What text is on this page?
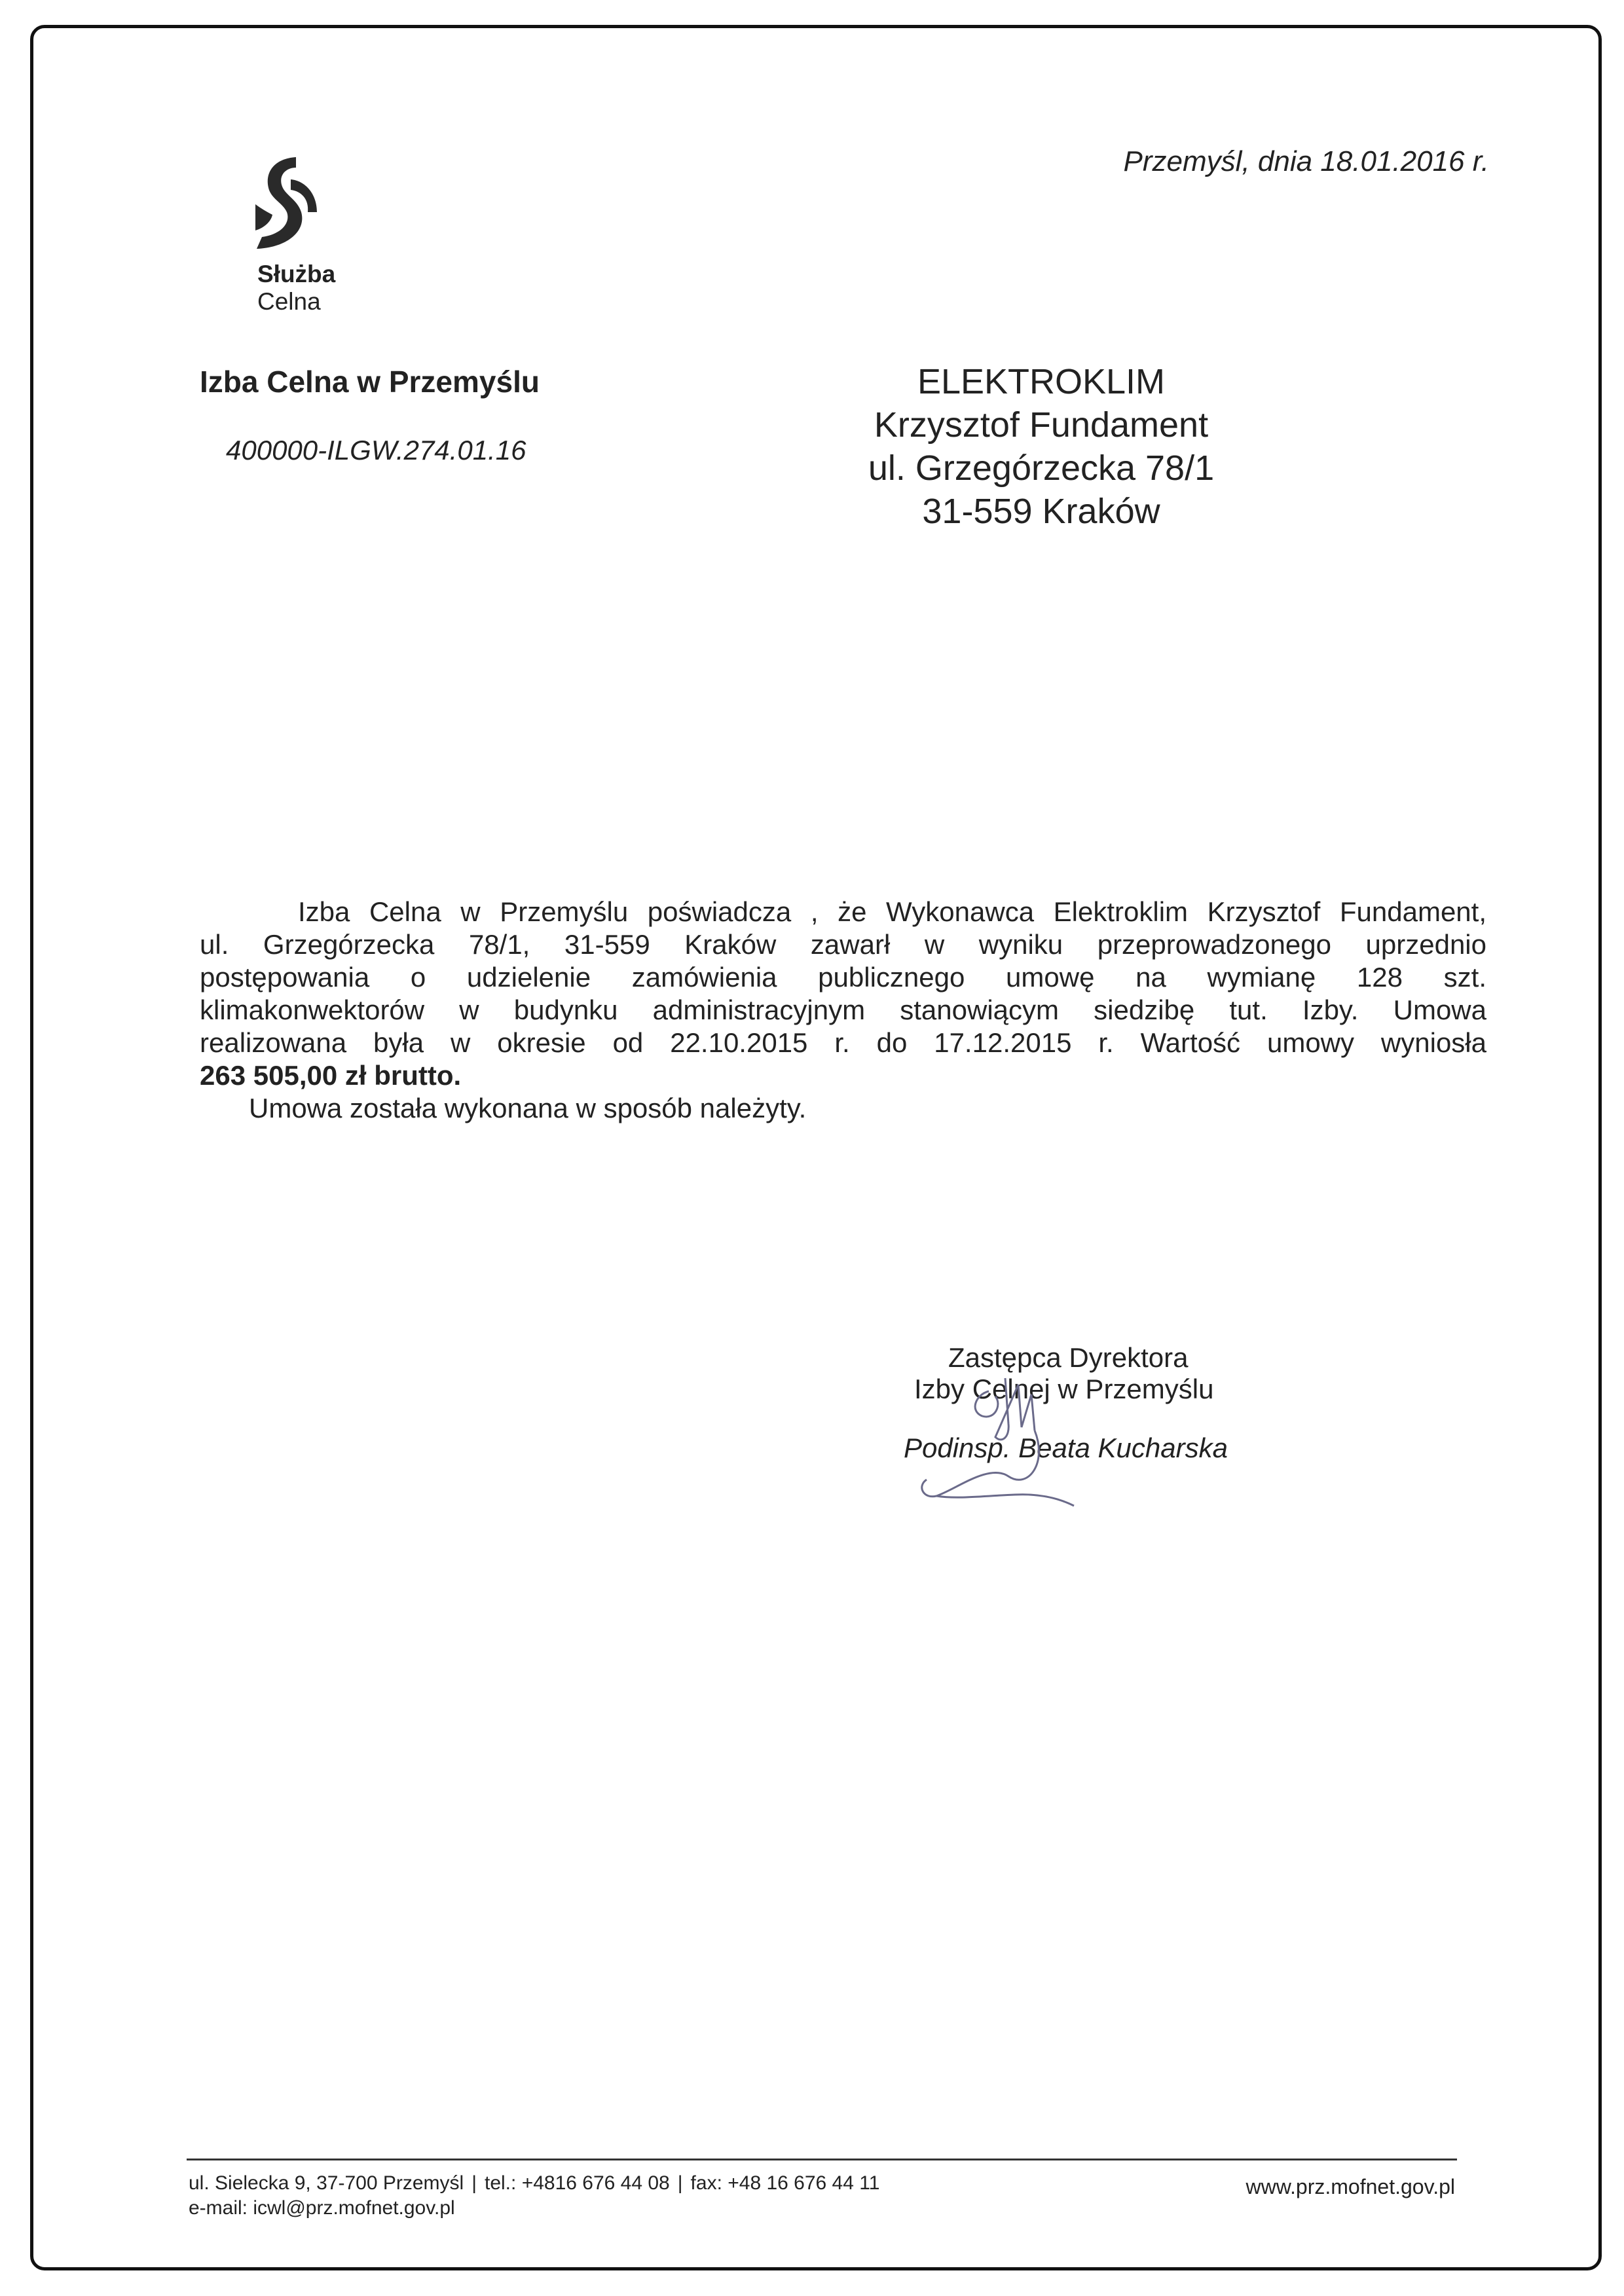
Służba
Celna
Przemyśl, dnia 18.01.2016 r.
Izba Celna w Przemyślu
400000-ILGW.274.01.16
ELEKTROKLIM
Krzysztof Fundament
ul. Grzegórzecka 78/1
31-559 Kraków
Izba Celna w Przemyślu poświadcza , że Wykonawca Elektroklim Krzysztof Fundament,
ul. Grzegórzecka 78/1, 31-559 Kraków zawarł w wyniku przeprowadzonego uprzednio
postępowania o udzielenie zamówienia publicznego umowę na wymianę 128 szt.
klimakonwektorów w budynku administracyjnym stanowiącym siedzibę tut. Izby. Umowa
realizowana była w okresie od 22.10.2015 r. do 17.12.2015 r. Wartość umowy wyniosła
263 505,00 zł brutto.
Umowa została wykonana w sposób należyty.
Zastępca Dyrektora
Izby Celnej w Przemyślu
Podinsp. Beata Kucharska
ul. Sielecka 9, 37-700 Przemyśl | tel.: +4816 676 44 08 | fax: +48 16 676 44 11
e-mail: icwl@prz.mofnet.gov.pl
www.prz.mofnet.gov.pl
